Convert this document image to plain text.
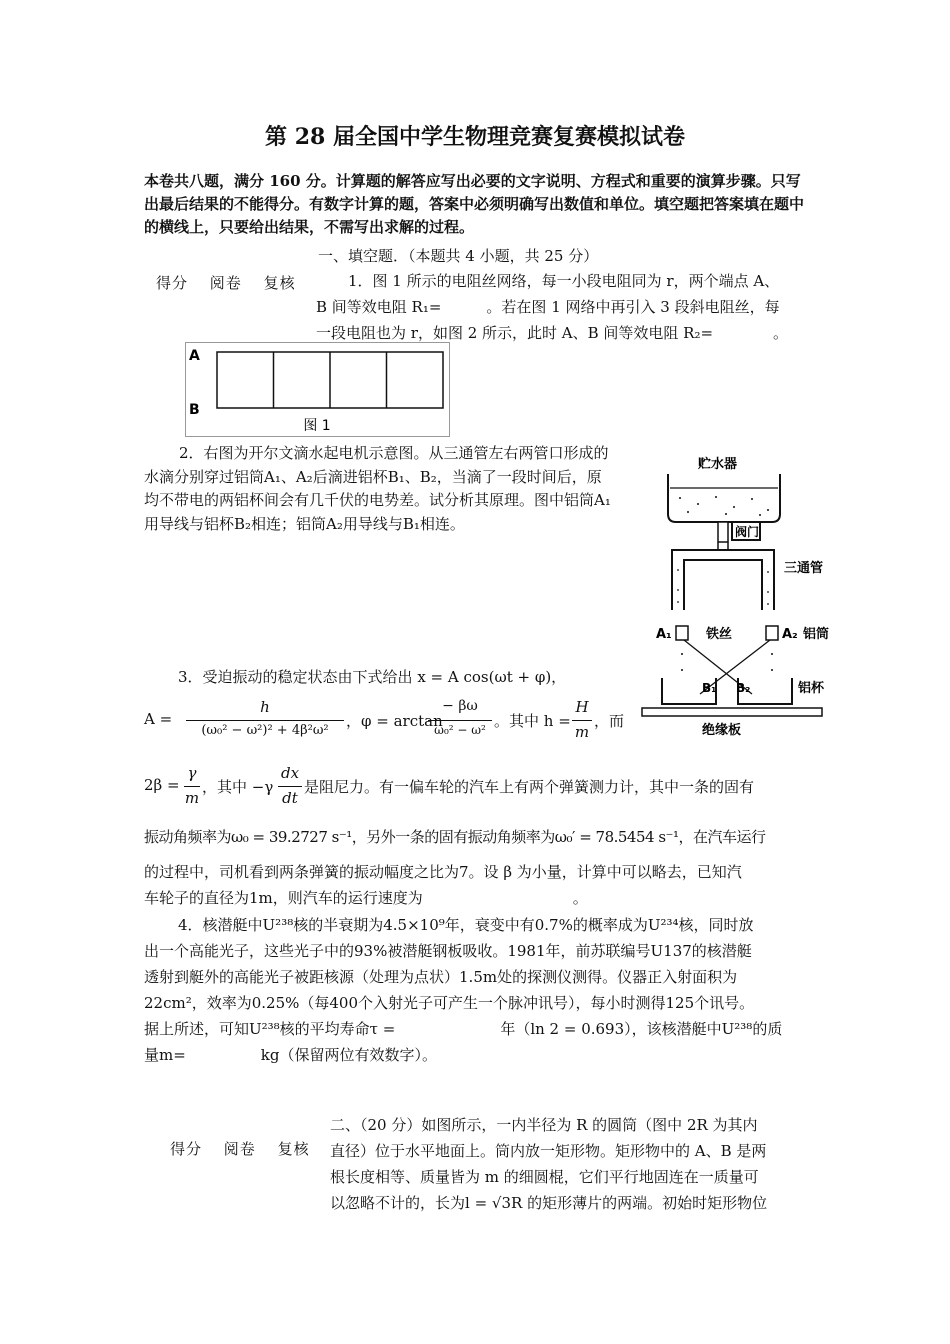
第 28 届全国中学生物理竞赛复赛模拟试卷
本卷共八题，满分 160 分。计算题的解答应写出必要的文字说明、方程式和重要的演算步骤。只写出最后结果的不能得分。有数字计算的题，答案中必须明确写出数值和单位。填空题把答案填在题中的横线上，只要给出结果，不需写出求解的过程。
一、填空题．（本题共 4 小题，共 25 分）
得分 阅卷 复核	1．图 1 所示的电阻丝网络，每一小段电阻同为 r，两个端点 A、
B 间等效电阻 R₁=　　　。若在图 1 网络中再引入 3 段斜电阻丝，每
一段电阻也为 r，如图 2 所示，此时 A、B 间等效电阻 R₂=　　　　。
A
B
图 1
2．右图为开尔文滴水起电机示意图。从三通管左右两管口形成的水滴分别穿过铝筒A₁、A₂后滴进铝杯B₁、B₂，当滴了一段时间后，原均不带电的两铝杯间会有几千伏的电势差。试分析其原理。图中铝筒A₁用导线与铝杯B₂相连；铝筒A₂用导线与B₁相连。
贮水器
阀门
三通管
A₁	铁丝	A₂ 铝筒
B₁ B₂	铝杯
绝缘板
3．受迫振动的稳定状态由下式给出 x = A cos(ωt + φ)，
A =
h
(ω₀² − ω²)² + 4β²ω²
，φ = arctan
− βω
ω₀² − ω² 。其中 h =
H
m
，而
2β =
γ
m
，其中 −γ
dx
dt
是阻尼力。有一偏车轮的汽车上有两个弹簧测力计，其中一条的固有
振动角频率为ω₀ = 39.2727 s⁻¹，另外一条的固有振动角频率为ω₀′ = 78.5454 s⁻¹，在汽车运行
的过程中，司机看到两条弹簧的振动幅度之比为7。设 β 为小量，计算中可以略去，已知汽
车轮子的直径为1m，则汽车的运行速度为　　　　　　　　　　。
4．核潜艇中U²³⁸核的半衰期为4.5×10⁹年，衰变中有0.7%的概率成为U²³⁴核，同时放
出一个高能光子，这些光子中的93%被潜艇钢板吸收。1981年，前苏联编号U137的核潜艇
透射到艇外的高能光子被距核源（处理为点状）1.5m处的探测仪测得。仪器正入射面积为
22cm²，效率为0.25%（每400个入射光子可产生一个脉冲讯号），每小时测得125个讯号。
据上所述，可知U²³⁸核的平均寿命τ =　　　　　　　年（ln 2 = 0.693），该核潜艇中U²³⁸的质
量m=　　　　　kg（保留两位有效数字）。
得分 阅卷 复核
二、（20 分）如图所示，一内半径为 R 的圆筒（图中 2R 为其内
直径）位于水平地面上。筒内放一矩形物。矩形物中的 A、B 是两
根长度相等、质量皆为 m 的细圆棍，它们平行地固连在一质量可
以忽略不计的，长为l = √3R 的矩形薄片的两端。初始时矩形物位
